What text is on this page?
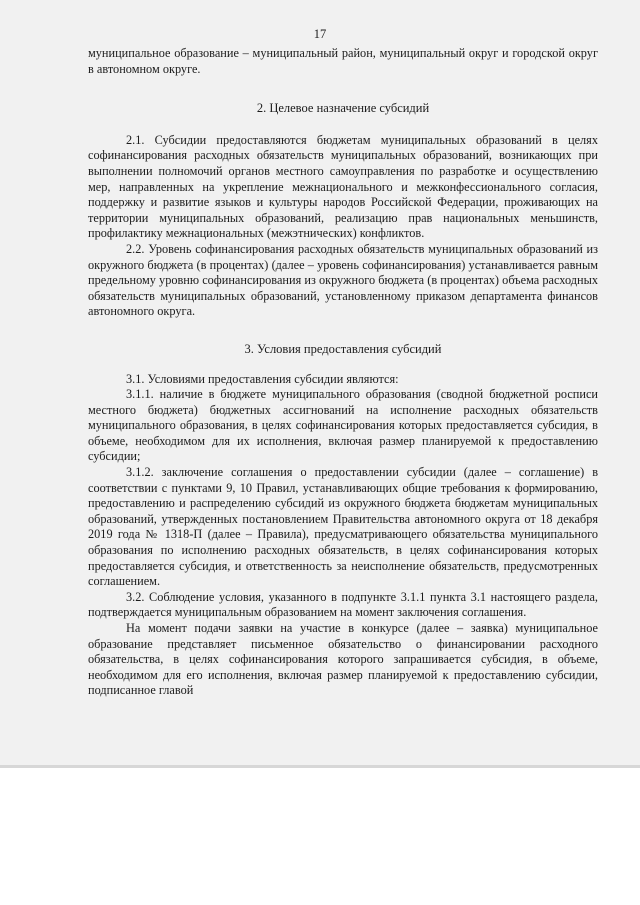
17

муниципальное образование – муниципальный район, муниципальный округ и городской округ в автономном округе.

2. Целевое назначение субсидий

2.1. Субсидии предоставляются бюджетам муниципальных образований в целях софинансирования расходных обязательств муниципальных образований, возникающих при выполнении полномочий органов местного самоуправления по разработке и осуществлению мер, направленных на укрепление межнационального и межконфессионального согласия, поддержку и развитие языков и культуры народов Российской Федерации, проживающих на территории муниципальных образований, реализацию прав национальных меньшинств, профилактику межнациональных (межэтнических) конфликтов.

2.2. Уровень софинансирования расходных обязательств муниципальных образований из окружного бюджета (в процентах) (далее – уровень софинансирования) устанавливается равным предельному уровню софинансирования из окружного бюджета (в процентах) объема расходных обязательств муниципальных образований, установленному приказом департамента финансов автономного округа.

3. Условия предоставления субсидий

3.1. Условиями предоставления субсидии являются:

3.1.1. наличие в бюджете муниципального образования (сводной бюджетной росписи местного бюджета) бюджетных ассигнований на исполнение расходных обязательств муниципального образования, в целях софинансирования которых предоставляется субсидия, в объеме, необходимом для их исполнения, включая размер планируемой к предоставлению субсидии;

3.1.2. заключение соглашения о предоставлении субсидии (далее – соглашение) в соответствии с пунктами 9, 10 Правил, устанавливающих общие требования к формированию, предоставлению и распределению субсидий из окружного бюджета бюджетам муниципальных образований, утвержденных постановлением Правительства автономного округа от 18 декабря 2019 года № 1318-П (далее – Правила), предусматривающего обязательства муниципального образования по исполнению расходных обязательств, в целях софинансирования которых предоставляется субсидия, и ответственность за неисполнение обязательств, предусмотренных соглашением.

3.2. Соблюдение условия, указанного в подпункте 3.1.1 пункта 3.1 настоящего раздела, подтверждается муниципальным образованием на момент заключения соглашения.

На момент подачи заявки на участие в конкурсе (далее – заявка) муниципальное образование представляет письменное обязательство о финансировании расходного обязательства, в целях софинансирования которого запрашивается субсидия, в объеме, необходимом для его исполнения, включая размер планируемой к предоставлению субсидии, подписанное главой
